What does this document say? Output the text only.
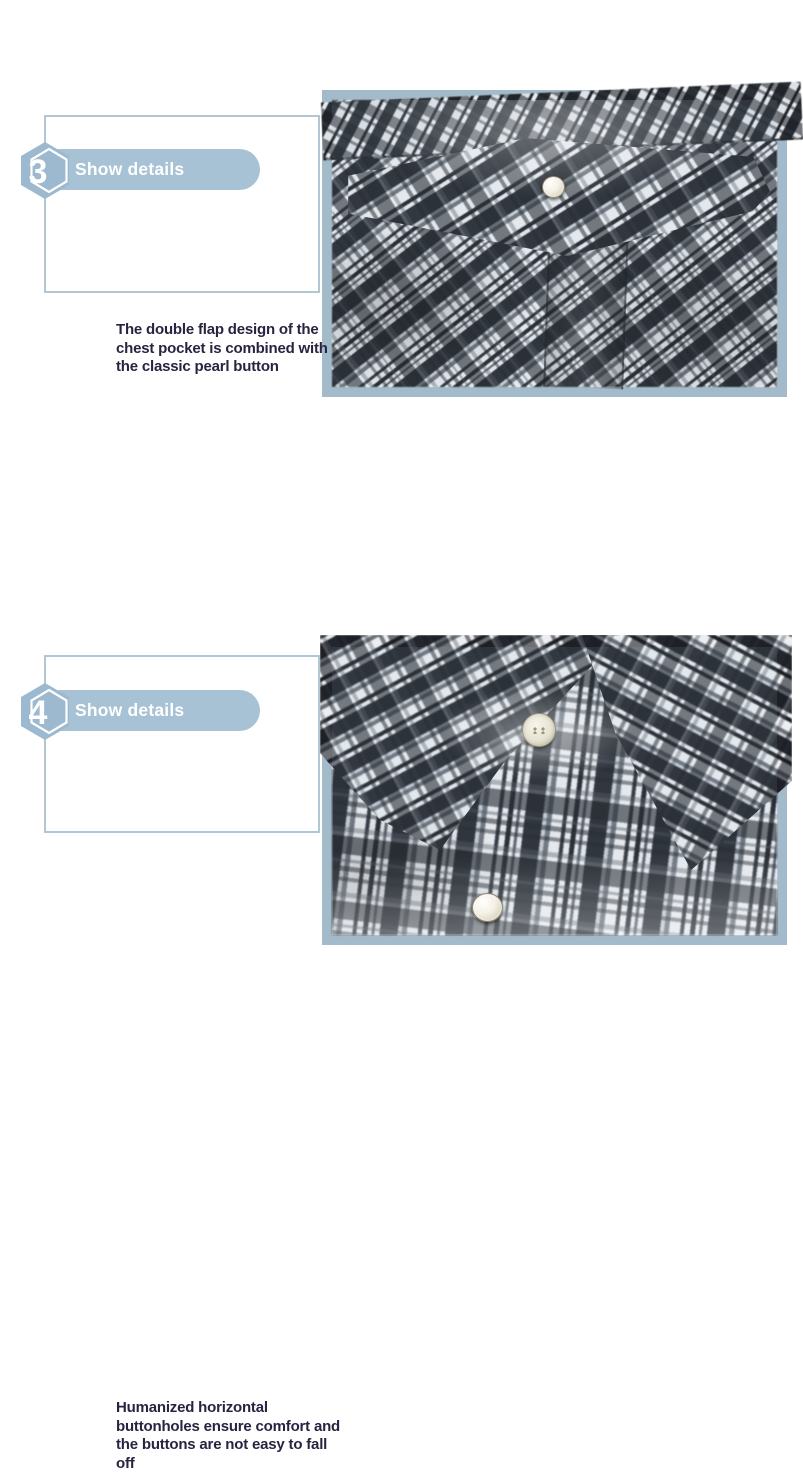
The double flap design of the
chest pocket is combined with
the classic pearl button
Show details
3
Humanized horizontal
buttonholes ensure comfort and
the buttons are not easy to fall
off
Show details
4
